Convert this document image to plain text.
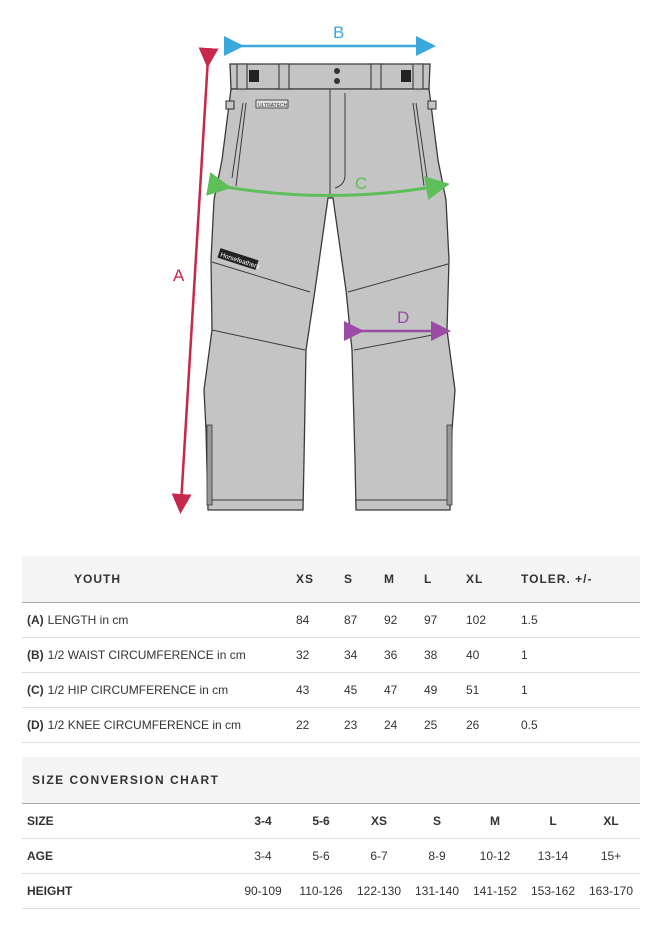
ULTRATECH
Horsefeathers
A
B
C
D
YOUTH	XS	S	M	L	XL	TOLER. +/-
(A) LENGTH in cm	84	87	92	97	102	1.5
(B) 1/2 WAIST CIRCUMFERENCE in cm	32	34	36	38	40	1
(C) 1/2 HIP CIRCUMFERENCE in cm	43	45	47	49	51	1
(D) 1/2 KNEE CIRCUMFERENCE in cm	22	23	24	25	26	0.5
SIZE CONVERSION CHART							
SIZE	3-4	5-6	XS	S	M	L	XL
AGE	3-4	5-6	6-7	8-9	10-12	13-14	15+
HEIGHT	90-109	110-126	122-130	131-140	141-152	153-162	163-170
